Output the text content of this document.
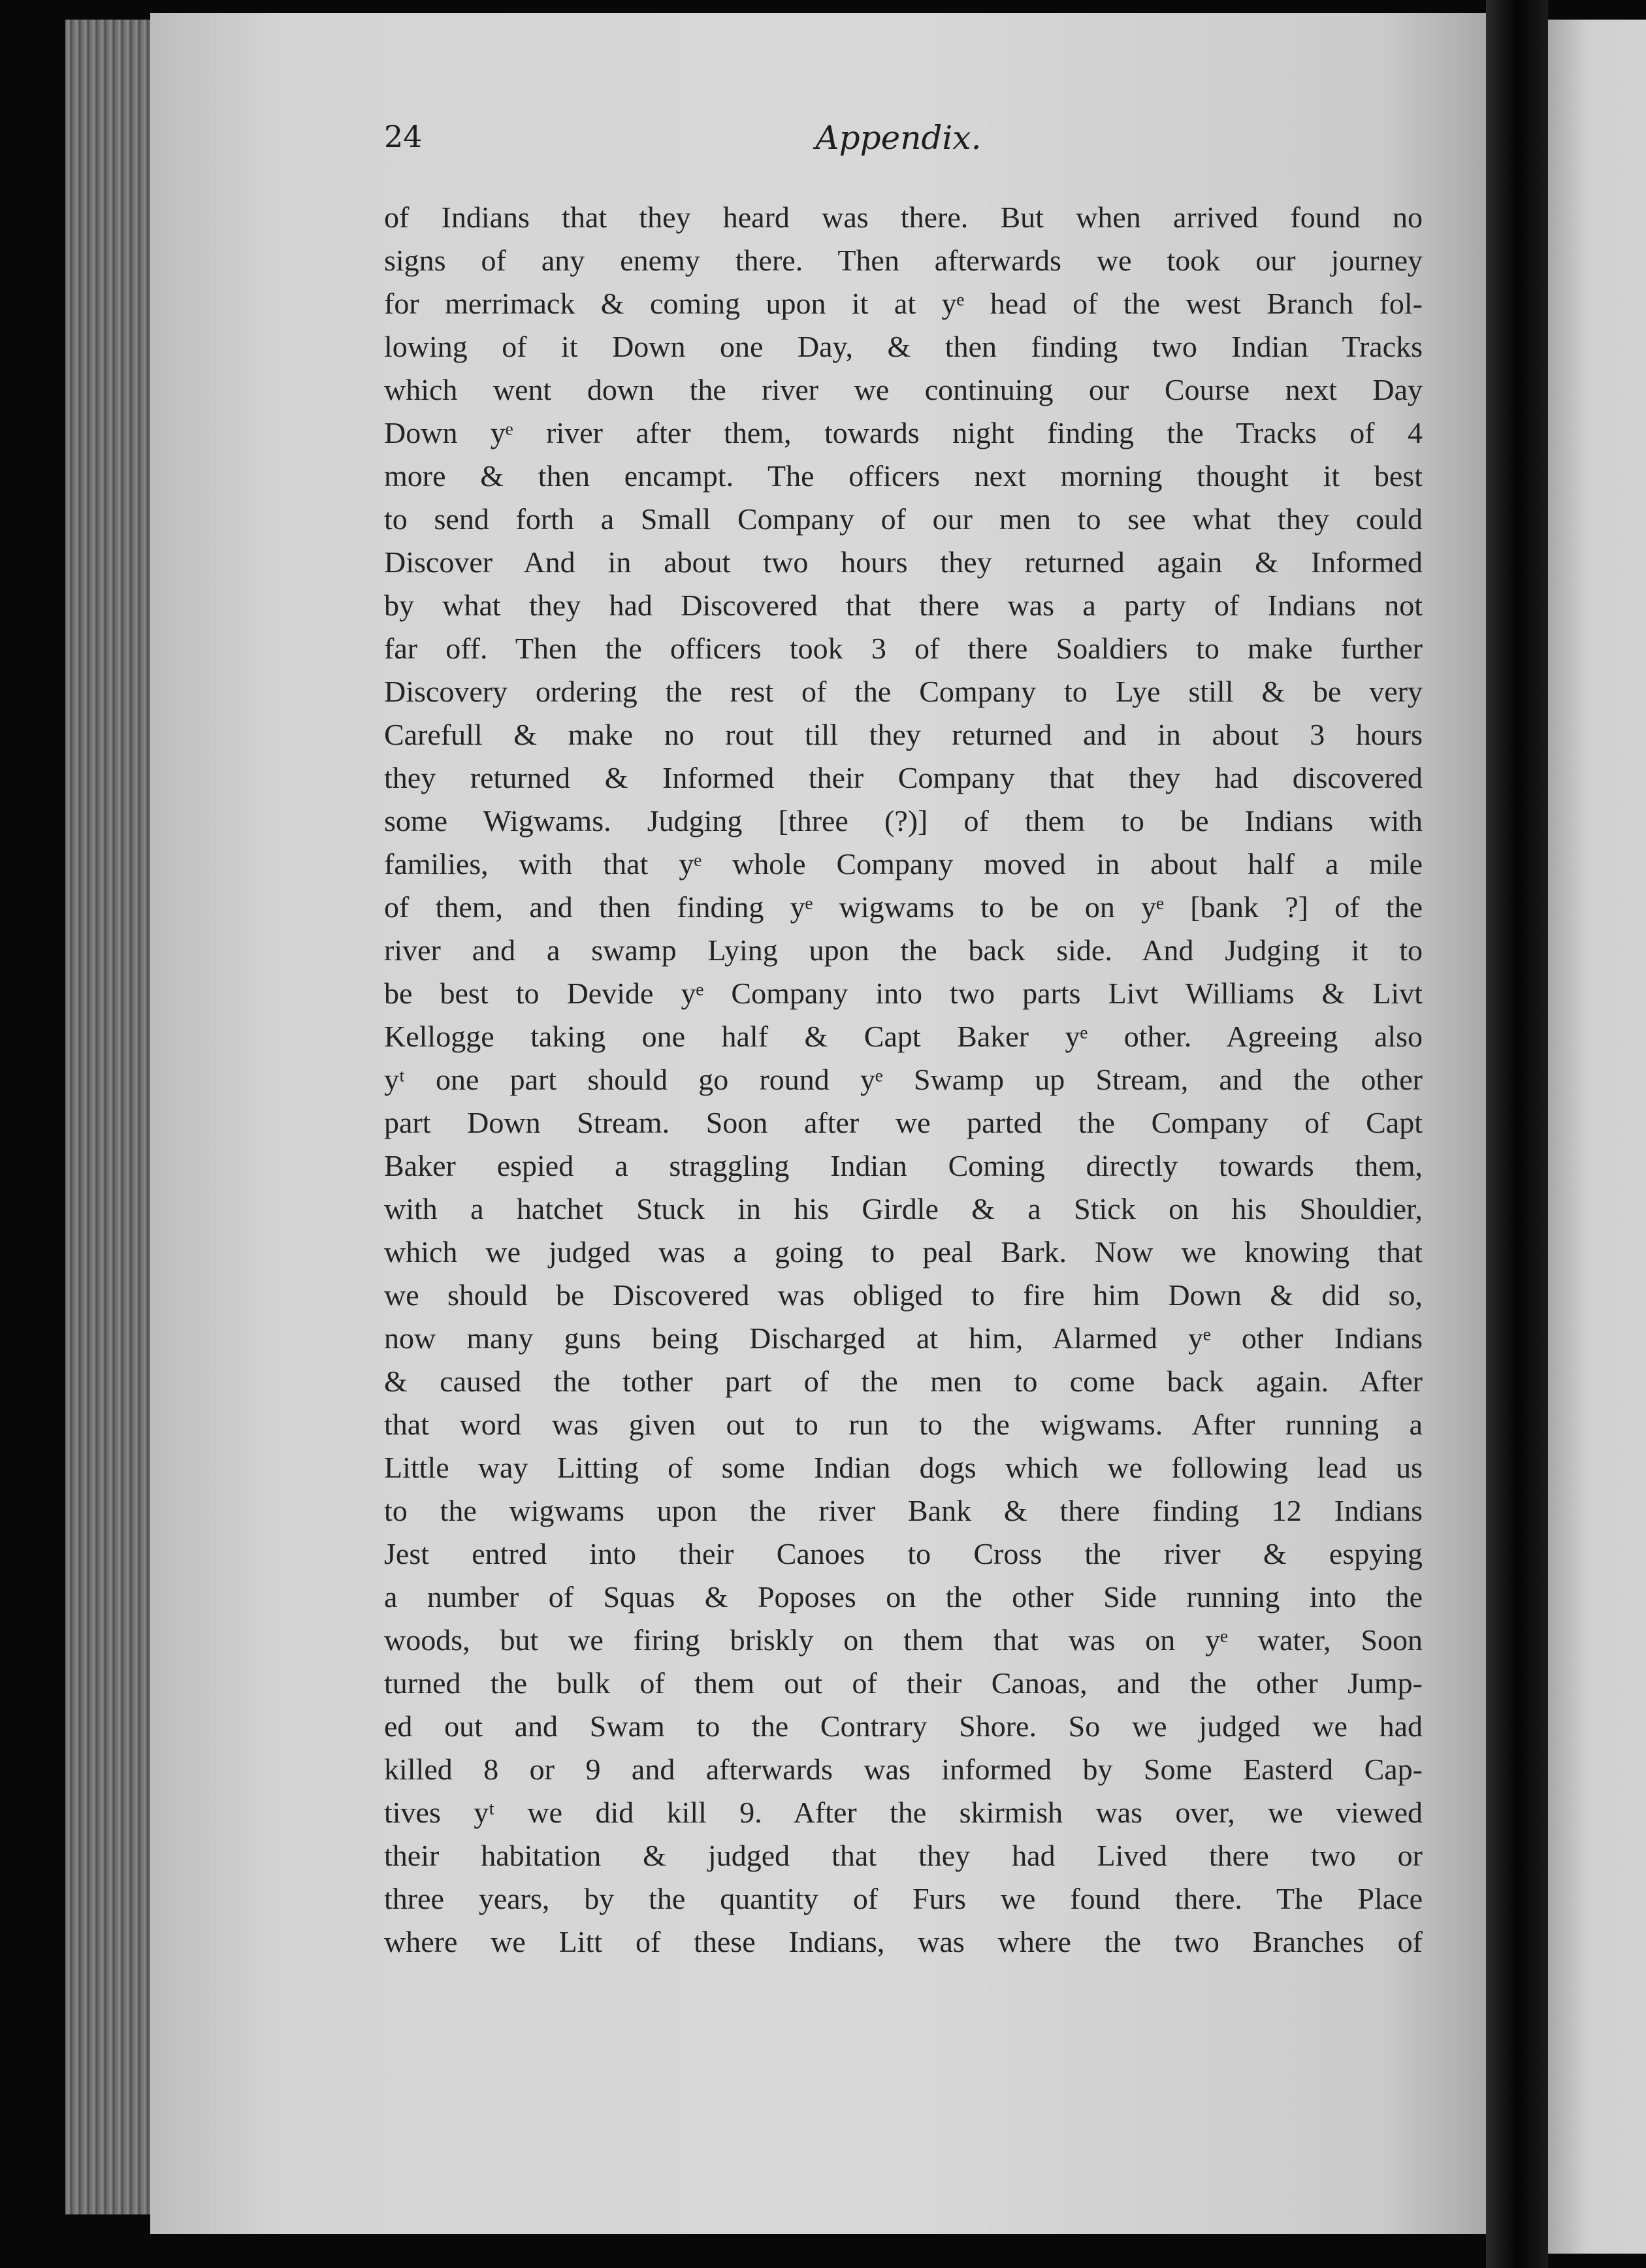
24	Appendix.
of Indians that they heard was there. But when arrived found no
signs of any enemy there. Then afterwards we took our journey
for merrimack & coming upon it at yᵉ head of the west Branch fol-
lowing of it Down one Day, & then finding two Indian Tracks
which went down the river we continuing our Course next Day
Down yᵉ river after them, towards night finding the Tracks of 4
more & then encampt. The officers next morning thought it best
to send forth a Small Company of our men to see what they could
Discover And in about two hours they returned again & Informed
by what they had Discovered that there was a party of Indians not
far off. Then the officers took 3 of there Soaldiers to make further
Discovery ordering the rest of the Company to Lye still & be very
Carefull & make no rout till they returned and in about 3 hours
they returned & Informed their Company that they had discovered
some Wigwams. Judging [three (?)] of them to be Indians with
families, with that yᵉ whole Company moved in about half a mile
of them, and then finding yᵉ wigwams to be on yᵉ [bank ?] of the
river and a swamp Lying upon the back side. And Judging it to
be best to Devide yᵉ Company into two parts Livt Williams & Livt
Kellogge taking one half & Capt Baker yᵉ other. Agreeing also
yᵗ one part should go round yᵉ Swamp up Stream, and the other
part Down Stream. Soon after we parted the Company of Capt
Baker espied a straggling Indian Coming directly towards them,
with a hatchet Stuck in his Girdle & a Stick on his Shouldier,
which we judged was a going to peal Bark. Now we knowing that
we should be Discovered was obliged to fire him Down & did so,
now many guns being Discharged at him, Alarmed yᵉ other Indians
& caused the tother part of the men to come back again. After
that word was given out to run to the wigwams. After running a
Little way Litting of some Indian dogs which we following lead us
to the wigwams upon the river Bank & there finding 12 Indians
Jest entred into their Canoes to Cross the river & espying
a number of Squas & Poposes on the other Side running into the
woods, but we firing briskly on them that was on yᵉ water, Soon
turned the bulk of them out of their Canoas, and the other Jump-
ed out and Swam to the Contrary Shore. So we judged we had
killed 8 or 9 and afterwards was informed by Some Easterd Cap-
tives yᵗ we did kill 9. After the skirmish was over, we viewed
their habitation & judged that they had Lived there two or
three years, by the quantity of Furs we found there. The Place
where we Litt of these Indians, was where the two Branches of
